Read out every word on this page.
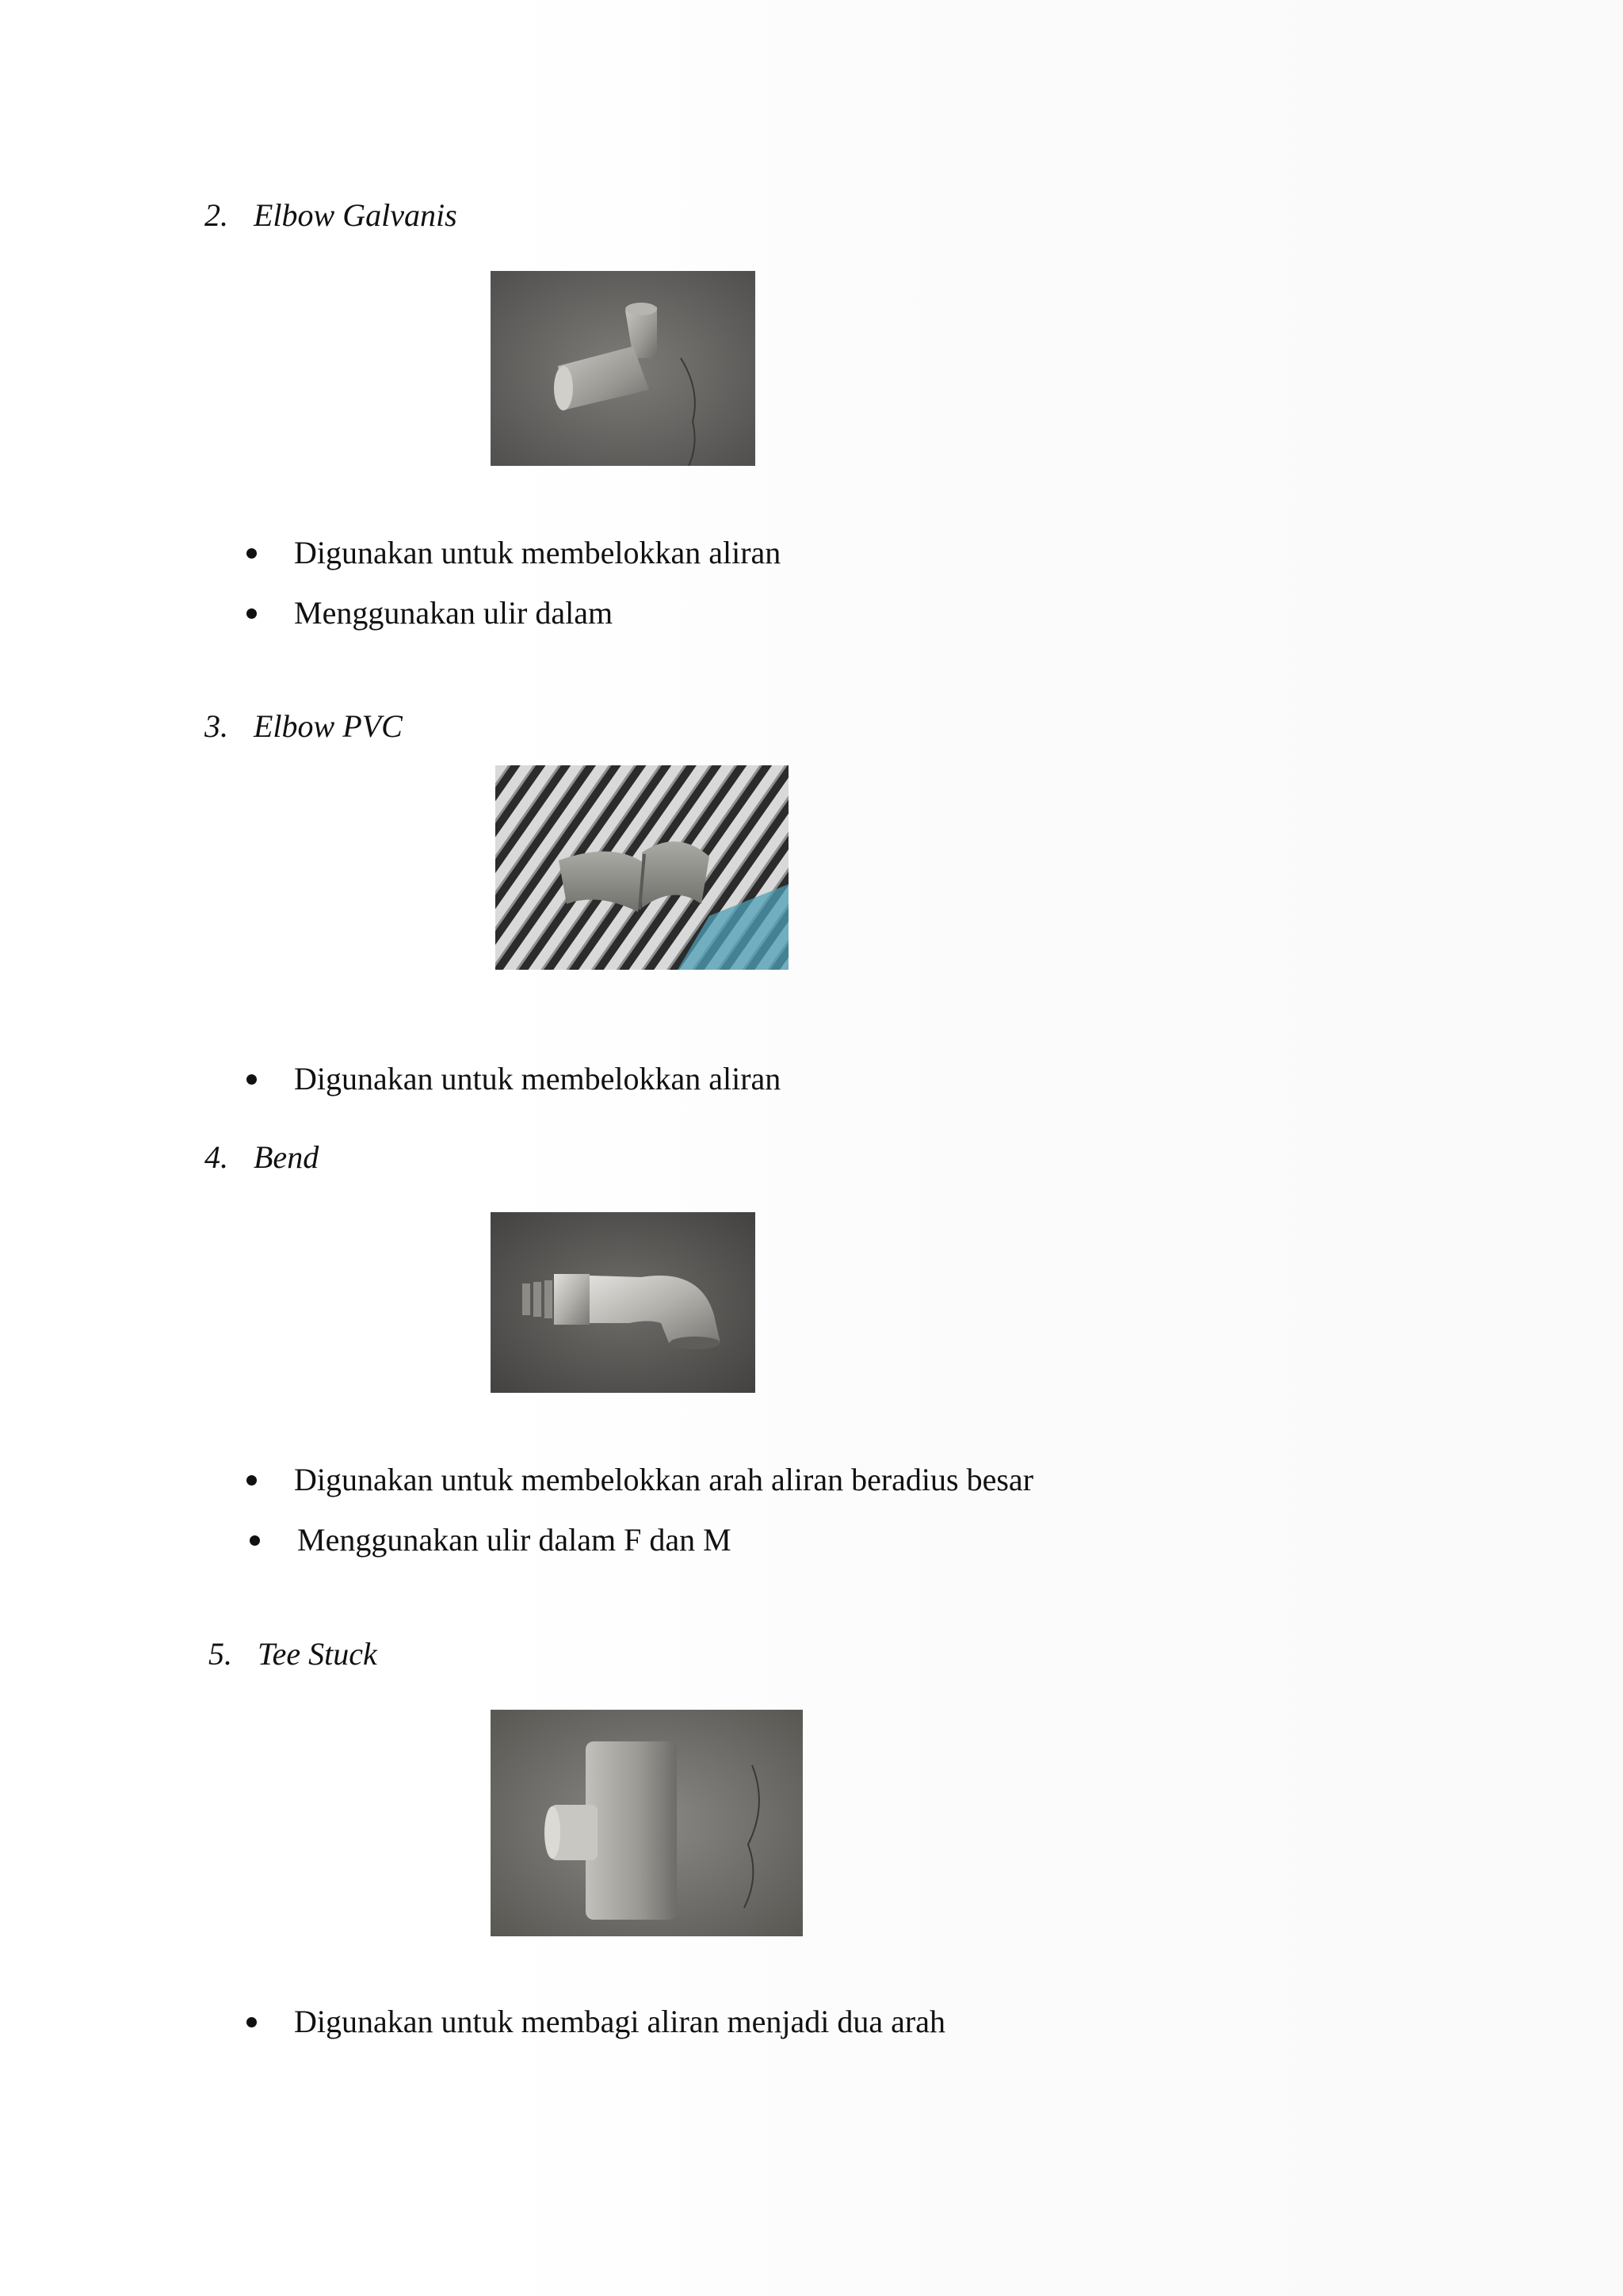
2. Elbow Galvanis
Digunakan untuk membelokkan aliran
Menggunakan ulir dalam
3. Elbow PVC
Digunakan untuk membelokkan aliran
4. Bend
Digunakan untuk membelokkan arah aliran beradius besar
Menggunakan ulir dalam F dan M
5. Tee Stuck
Digunakan untuk membagi aliran menjadi dua arah
